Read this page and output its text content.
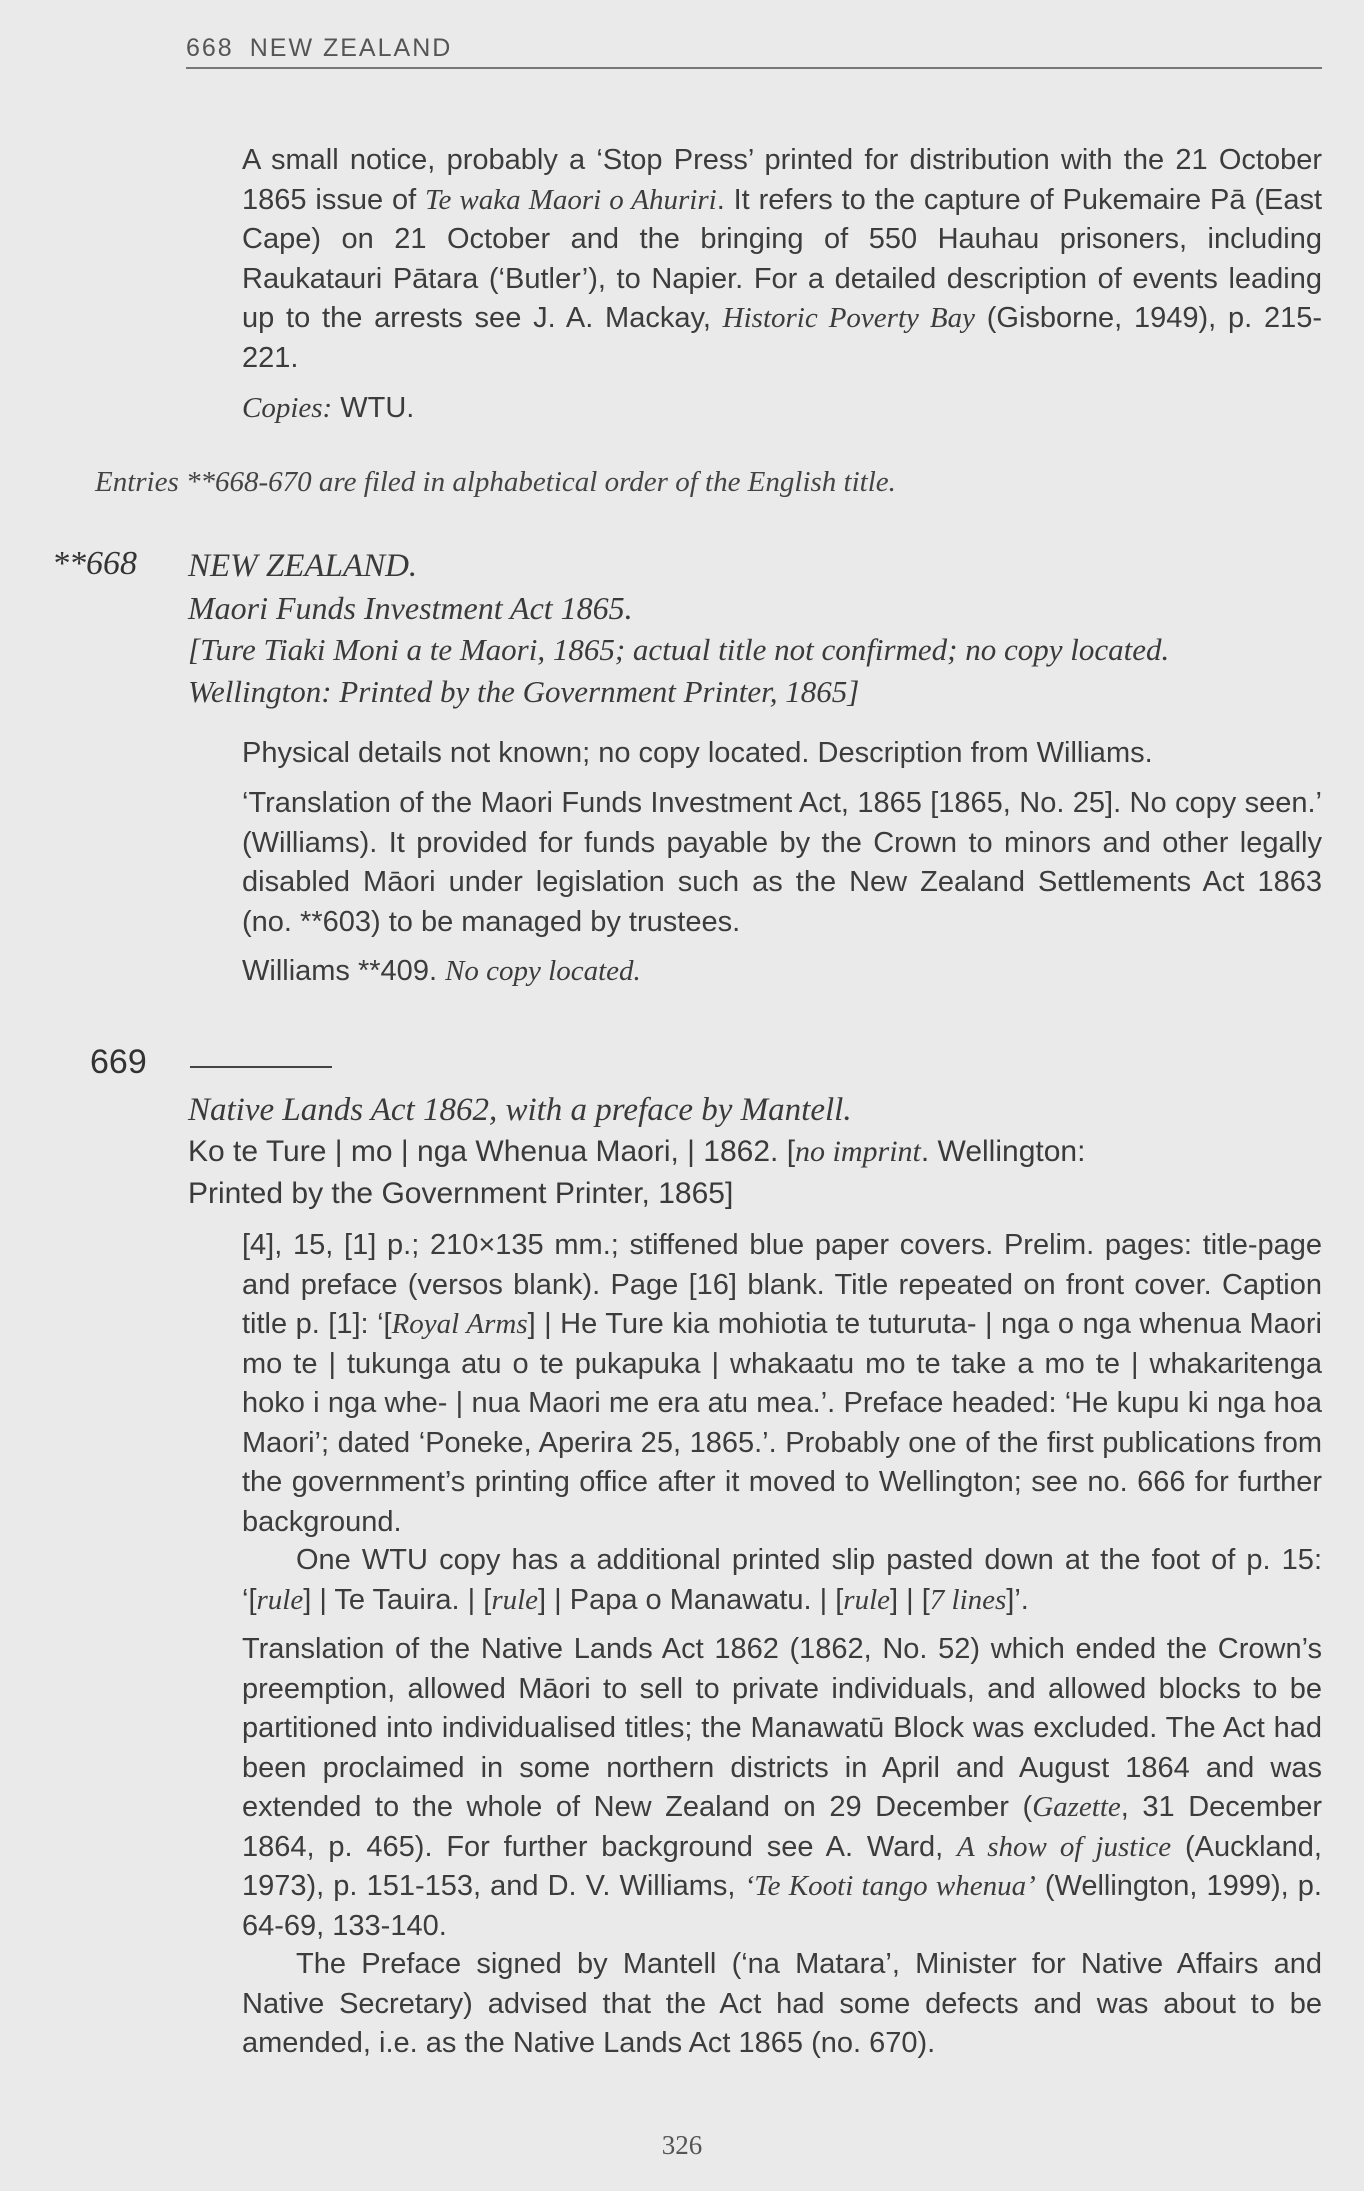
668 NEW ZEALAND

A small notice, probably a ‘Stop Press’ printed for distribution with the 21 October 1865 issue of Te waka Maori o Ahuriri. It refers to the capture of Pukemaire Pā (East Cape) on 21 October and the bringing of 550 Hauhau prisoners, including Raukatauri Pātara (‘Butler’), to Napier. For a detailed description of events leading up to the arrests see J. A. Mackay, Historic Poverty Bay (Gisborne, 1949), p. 215-221.

Copies: WTU.

Entries **668-670 are filed in alphabetical order of the English title.
**668 NEW ZEALAND.
Maori Funds Investment Act 1865.
[Ture Tiaki Moni a te Maori, 1865; actual title not confirmed; no copy located.
Wellington: Printed by the Government Printer, 1865]

Physical details not known; no copy located. Description from Williams.

‘Translation of the Maori Funds Investment Act, 1865 [1865, No. 25]. No copy seen.’ (Williams). It provided for funds payable by the Crown to minors and other legally disabled Māori under legislation such as the New Zealand Settlements Act 1863 (no. **603) to be managed by trustees.

Williams **409. No copy located.

669
Native Lands Act 1862, with a preface by Mantell.
Ko te Ture | mo | nga Whenua Maori, | 1862. [no imprint. Wellington:
Printed by the Government Printer, 1865]

[4], 15, [1] p.; 210×135 mm.; stiffened blue paper covers. Prelim. pages: title-page and preface (versos blank). Page [16] blank. Title repeated on front cover. Caption title p. [1]: ‘[Royal Arms] | He Ture kia mohiotia te tuturuta- | nga o nga whenua Maori mo te | tukunga atu o te pukapuka | whakaatu mo te take a mo te | whakaritenga hoko i nga whe- | nua Maori me era atu mea.’. Preface headed: ‘He kupu ki nga hoa Maori’; dated ‘Poneke, Aperira 25, 1865.’. Probably one of the first publications from the government’s printing office after it moved to Wellington; see no. 666 for further background.

One WTU copy has a additional printed slip pasted down at the foot of p. 15: ‘[rule] | Te Tauira. | [rule] | Papa o Manawatu. | [rule] | [7 lines]’.

Translation of the Native Lands Act 1862 (1862, No. 52) which ended the Crown’s preemption, allowed Māori to sell to private individuals, and allowed blocks to be partitioned into individualised titles; the Manawatū Block was excluded. The Act had been proclaimed in some northern districts in April and August 1864 and was extended to the whole of New Zealand on 29 December (Gazette, 31 December 1864, p. 465). For further background see A. Ward, A show of justice (Auckland, 1973), p. 151-153, and D. V. Williams, ‘Te Kooti tango whenua’ (Wellington, 1999), p. 64-69, 133-140.

The Preface signed by Mantell (‘na Matara’, Minister for Native Affairs and Native Secretary) advised that the Act had some defects and was about to be amended, i.e. as the Native Lands Act 1865 (no. 670).

326
